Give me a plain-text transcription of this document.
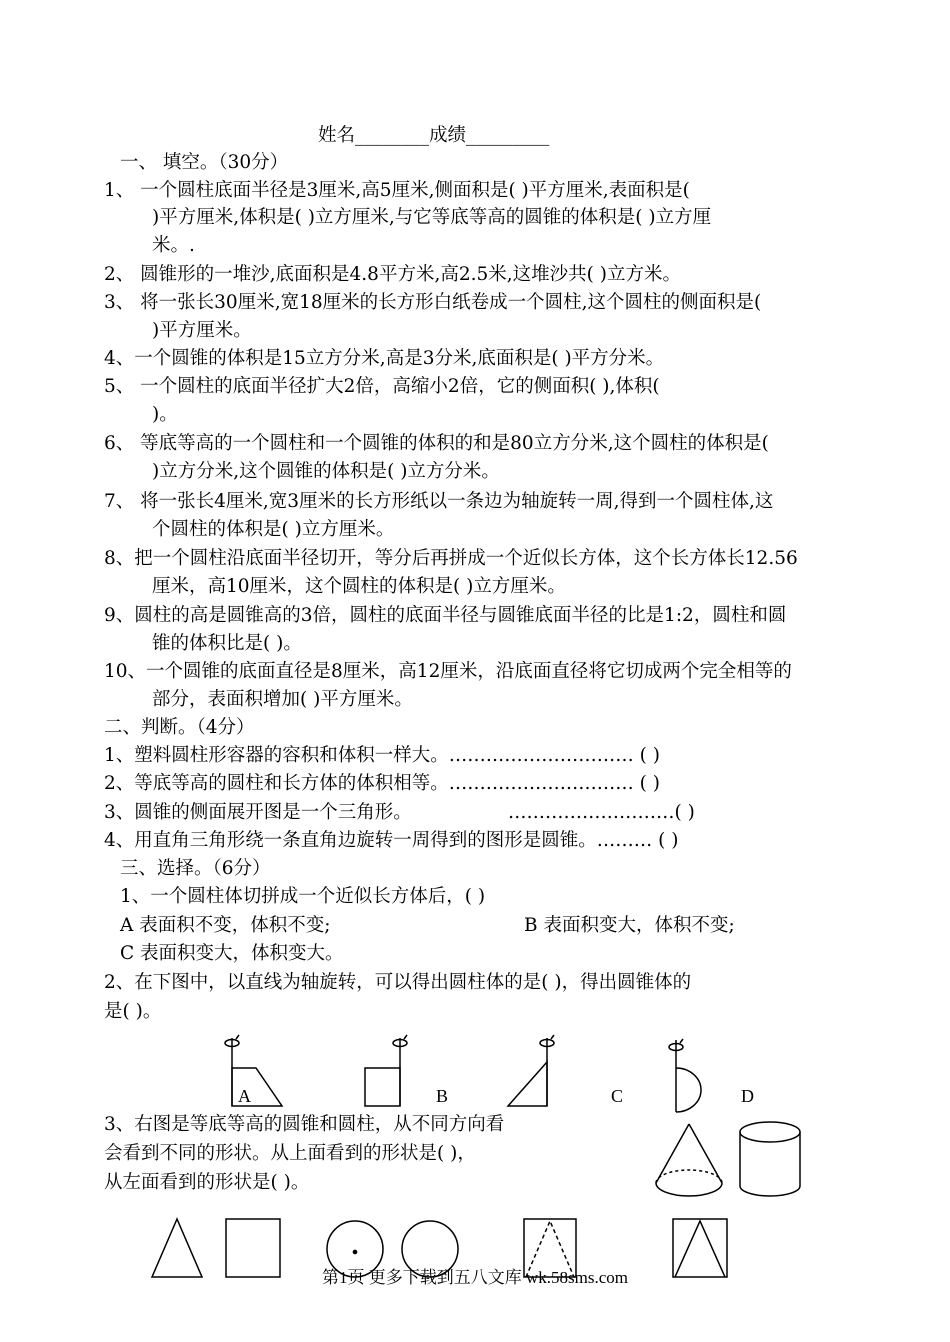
姓名________成绩_________
一、 填空。（30分）
1、 一个圆柱底面半径是3厘米,高5厘米,侧面积是( )平方厘米,表面积是(
)平方厘米,体积是( )立方厘米,与它等底等高的圆锥的体积是( )立方厘
米。.
2、 圆锥形的一堆沙,底面积是4.8平方米,高2.5米,这堆沙共( )立方米。
3、 将一张长30厘米,宽18厘米的长方形白纸卷成一个圆柱,这个圆柱的侧面积是(
)平方厘米。
4、一个圆锥的体积是15立方分米,高是3分米,底面积是( )平方分米。
5、 一个圆柱的底面半径扩大2倍，高缩小2倍，它的侧面积( ),体积(
)。
6、 等底等高的一个圆柱和一个圆锥的体积的和是80立方分米,这个圆柱的体积是(
)立方分米,这个圆锥的体积是( )立方分米。
7、 将一张长4厘米,宽3厘米的长方形纸以一条边为轴旋转一周,得到一个圆柱体,这
个圆柱的体积是( )立方厘米。
8、把一个圆柱沿底面半径切开，等分后再拼成一个近似长方体，这个长方体长12.56
厘米，高10厘米，这个圆柱的体积是( )立方厘米。
9、圆柱的高是圆锥高的3倍，圆柱的底面半径与圆锥底面半径的比是1:2，圆柱和圆
锥的体积比是( )。
10、一个圆锥的底面直径是8厘米，高12厘米，沿底面直径将它切成两个完全相等的
部分，表面积增加( )平方厘米。
二、判断。（4分）
1、塑料圆柱形容器的容积和体积一样大。………………………… ( )
2、等底等高的圆柱和长方体的体积相等。………………………… ( )
3、圆锥的侧面展开图是一个三角形。	………………………( )
4、用直角三角形绕一条直角边旋转一周得到的图形是圆锥。……… ( )
三、选择。（6分）
1、一个圆柱体切拼成一个近似长方体后，( )
A 表面积不变，体积不变;	B 表面积变大，体积不变;
C 表面积变大，体积变大。
2、在下图中，以直线为轴旋转，可以得出圆柱体的是( )，得出圆锥体的
是( )。
A	B	C	D
3、右图是等底等高的圆锥和圆柱，从不同方向看
会看到不同的形状。从上面看到的形状是( )，
从左面看到的形状是( )。
第1页 更多下载到五八文库 wk.58sms.com
